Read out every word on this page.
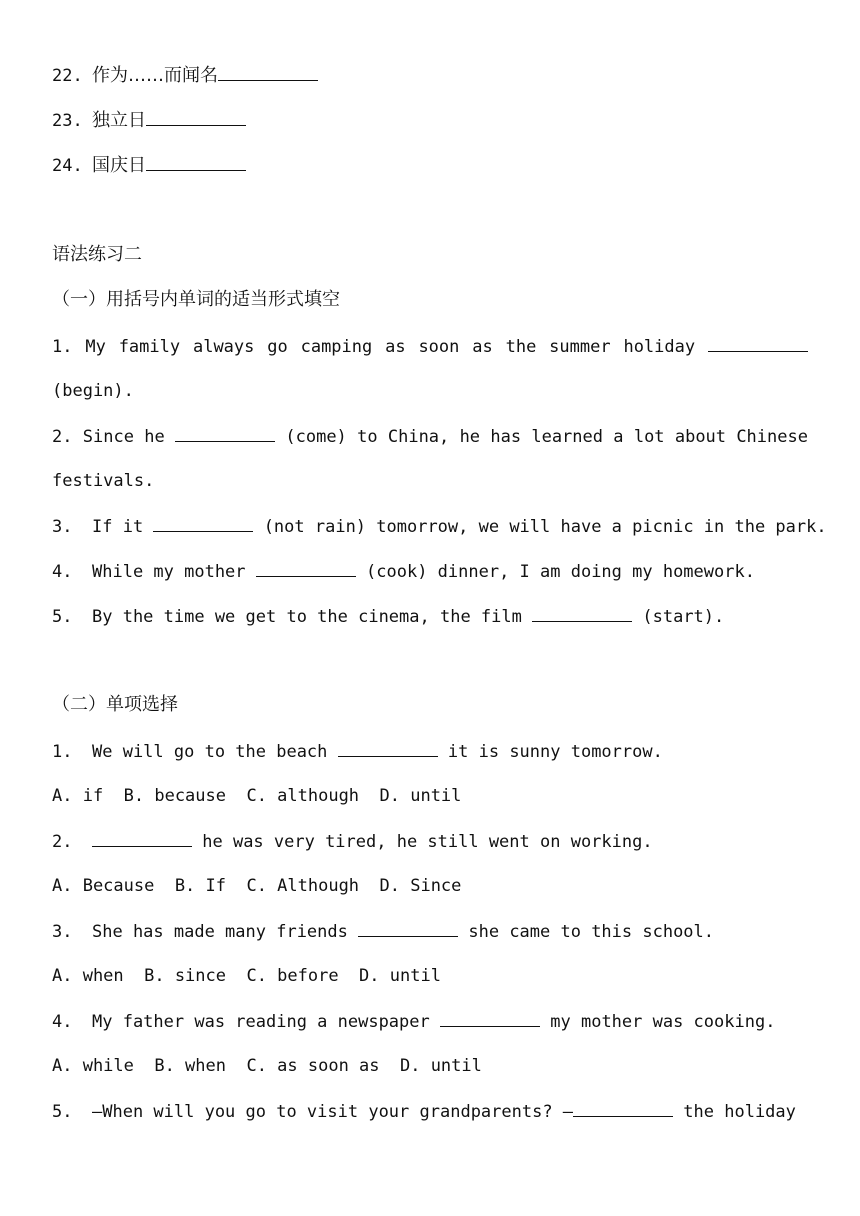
22. 作为……而闻名
23. 独立日
24. 国庆日
语法练习二
（一）用括号内单词的适当形式填空
1. My family always go camping as soon as the summer holiday
(begin).
2. Since he	(come) to China, he has learned a lot about Chinese
festivals.
3. If it	(not rain) tomorrow, we will have a picnic in the park.
4. While my mother	(cook) dinner, I am doing my homework.
5. By the time we get to the cinema, the film	(start).
（二）单项选择
1. We will go to the beach	it is sunny tomorrow.
A. if  B. because  C. although  D. until
2.	he was very tired, he still went on working.
A. Because  B. If  C. Although  D. Since
3. She has made many friends	she came to this school.
A. when  B. since  C. before  D. until
4. My father was reading a newspaper	my mother was cooking.
A. while  B. when  C. as soon as  D. until
5. —When will you go to visit your grandparents? —	the holiday
